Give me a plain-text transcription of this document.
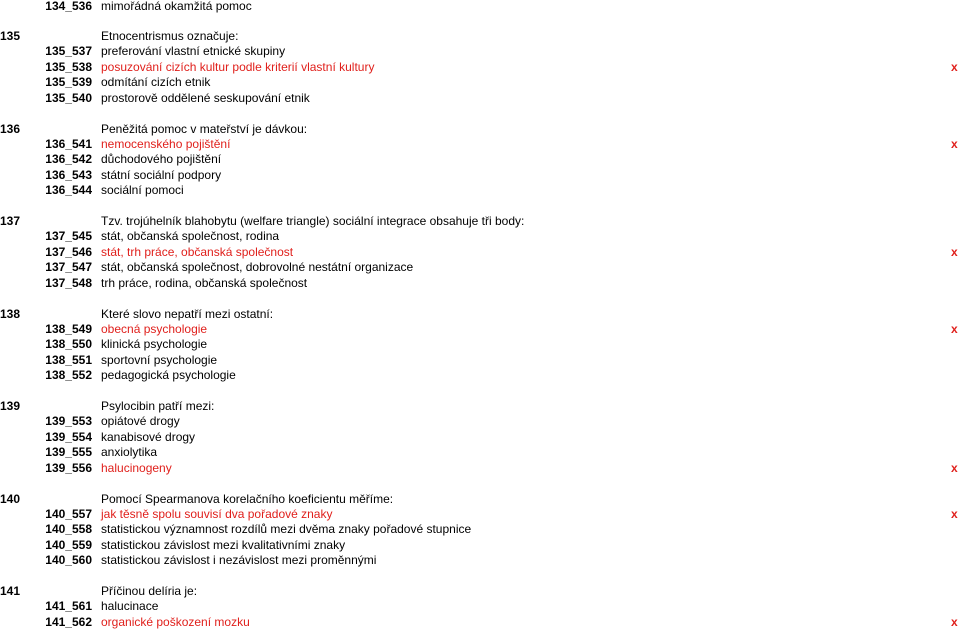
134_536 mimořádná okamžitá pomoc
135	Etnocentrismus označuje:
135_537 preferování vlastní etnické skupiny
135_538 posuzování cizích kultur podle kriterií vlastní kultury	x
135_539 odmítání cizích etnik
135_540 prostorově oddělené seskupování etnik
136	Peněžitá pomoc v mateřství je dávkou:
136_541 nemocenského pojištění	x
136_542 důchodového pojištění
136_543 státní sociální podpory
136_544 sociální pomoci
137	Tzv. trojúhelník blahobytu (welfare triangle) sociální integrace obsahuje tři body:
137_545 stát, občanská společnost, rodina
137_546 stát, trh práce, občanská společnost	x
137_547 stát, občanská společnost, dobrovolné nestátní organizace
137_548 trh práce, rodina, občanská společnost
138	Které slovo nepatří mezi ostatní:
138_549 obecná psychologie	x
138_550 klinická psychologie
138_551 sportovní psychologie
138_552 pedagogická psychologie
139	Psylocibin patří mezi:
139_553 opiátové drogy
139_554 kanabisové drogy
139_555 anxiolytika
139_556 halucinogeny	x
140	Pomocí Spearmanova korelačního koeficientu měříme:
140_557 jak těsně spolu souvisí dva pořadové znaky	x
140_558 statistickou významnost rozdílů mezi dvěma znaky pořadové stupnice
140_559 statistickou závislost mezi kvalitativními znaky
140_560 statistickou závislost i nezávislost mezi proměnnými
141	Příčinou delíria je:
141_561 halucinace
141_562 organické poškození mozku	x
